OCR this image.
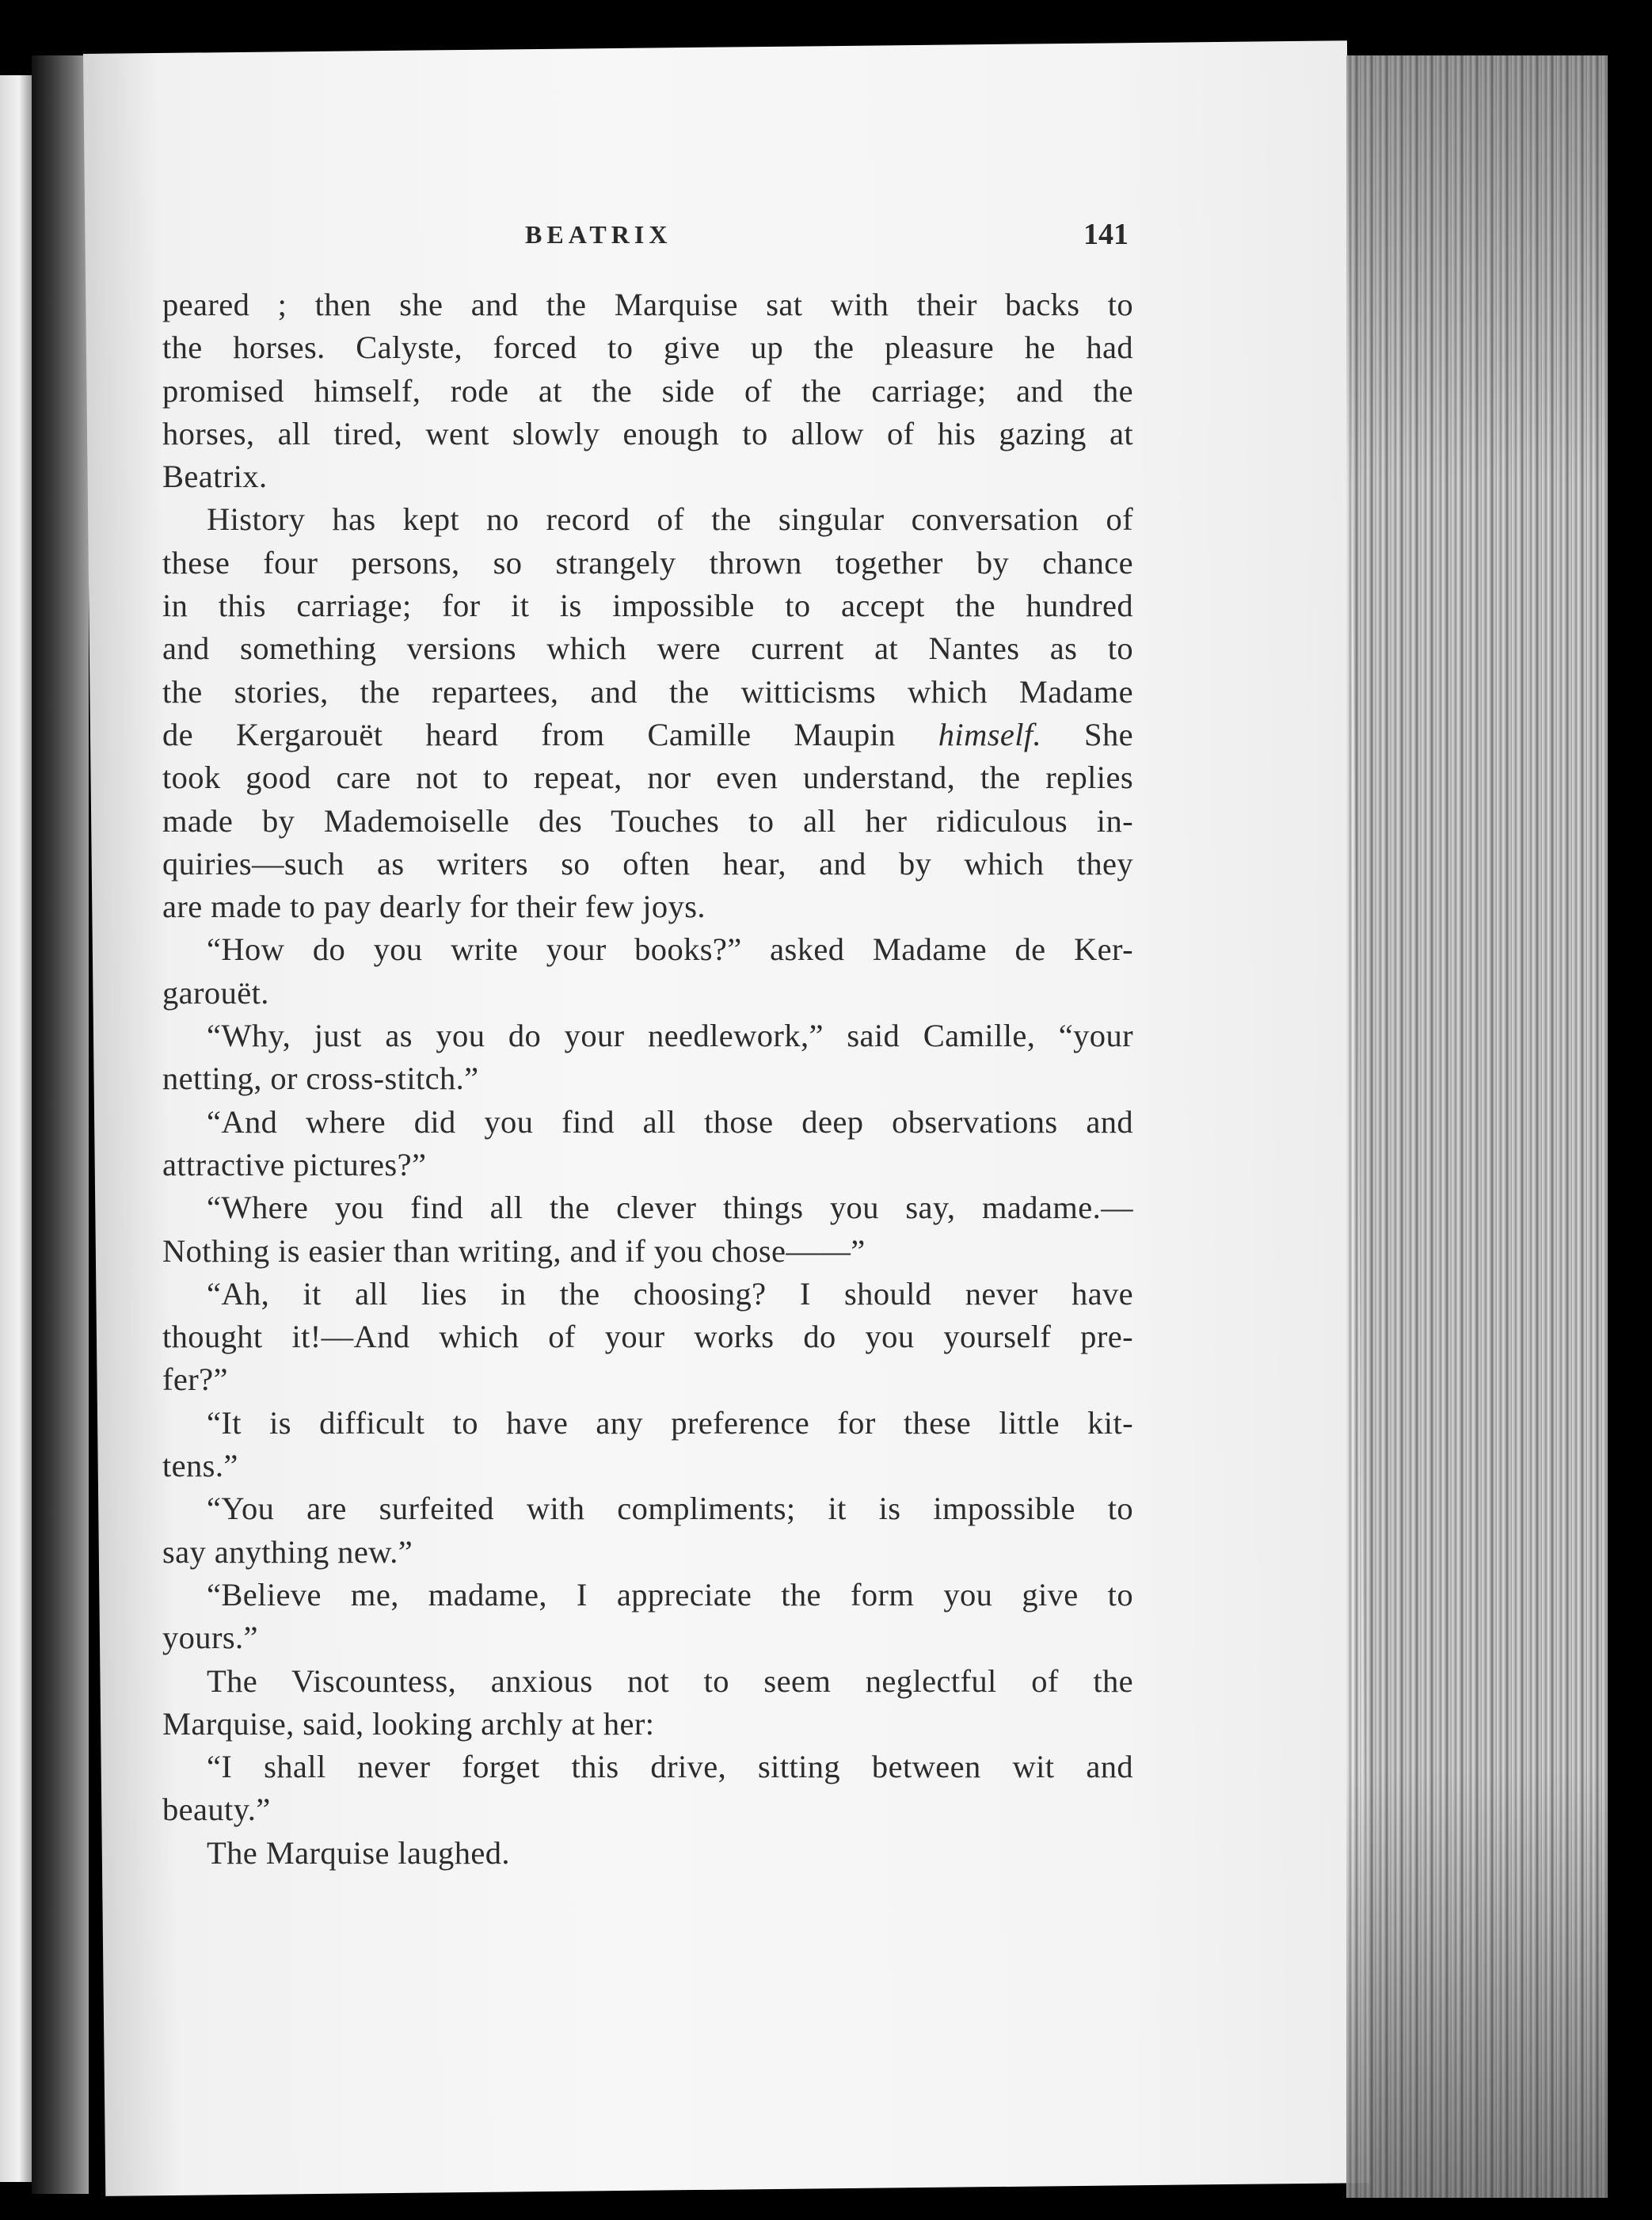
BEATRIX	141
peared ; then she and the Marquise sat with their backs to
the horses. Calyste, forced to give up the pleasure he had
promised himself, rode at the side of the carriage; and the
horses, all tired, went slowly enough to allow of his gazing at
Beatrix.
History has kept no record of the singular conversation of
these four persons, so strangely thrown together by chance
in this carriage; for it is impossible to accept the hundred
and something versions which were current at Nantes as to
the stories, the repartees, and the witticisms which Madame
de Kergarouët heard from Camille Maupin himself. She
took good care not to repeat, nor even understand, the replies
made by Mademoiselle des Touches to all her ridiculous in-
quiries—such as writers so often hear, and by which they
are made to pay dearly for their few joys.
“How do you write your books?” asked Madame de Ker-
garouët.
“Why, just as you do your needlework,” said Camille, “your
netting, or cross-stitch.”
“And where did you find all those deep observations and
attractive pictures?”
“Where you find all the clever things you say, madame.—
Nothing is easier than writing, and if you chose——”
“Ah, it all lies in the choosing? I should never have
thought it!—And which of your works do you yourself pre-
fer?”
“It is difficult to have any preference for these little kit-
tens.”
“You are surfeited with compliments; it is impossible to
say anything new.”
“Believe me, madame, I appreciate the form you give to
yours.”
The Viscountess, anxious not to seem neglectful of the
Marquise, said, looking archly at her:
“I shall never forget this drive, sitting between wit and
beauty.”
The Marquise laughed.
